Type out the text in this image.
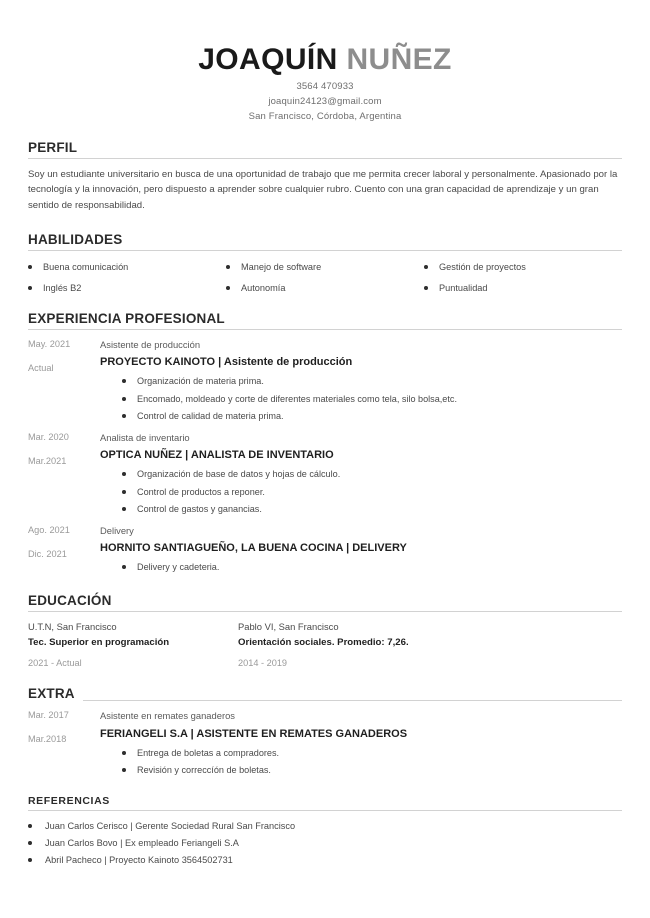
JOAQUÍN NUÑEZ
3564 470933
joaquin24123@gmail.com
San Francisco, Córdoba, Argentina
PERFIL
Soy un estudiante universitario en busca de una oportunidad de trabajo que me permita crecer laboral y personalmente. Apasionado por la tecnología y la innovación, pero dispuesto a aprender sobre cualquier rubro. Cuento con una gran capacidad de aprendizaje y un gran sentido de responsabilidad.
HABILIDADES
Buena comunicación	Manejo de software	Gestión de proyectos
Inglés B2	Autonomía	Puntualidad
EXPERIENCIA PROFESIONAL
May. 2021
Actual
Asistente de producción
PROYECTO KAINOTO | Asistente de producción
Organización de materia prima.
Encomado, moldeado y corte de diferentes materiales como tela, silo bolsa,etc.
Control de calidad de materia prima.
Mar. 2020
Mar.2021
Analista de inventario
OPTICA NUÑEZ | ANALISTA DE INVENTARIO
Organización de base de datos y hojas de cálculo.
Control de productos a reponer.
Control de gastos y ganancias.
Ago. 2021
Dic. 2021
Delivery
HORNITO SANTIAGUEÑO, LA BUENA COCINA | DELIVERY
Delivery y cadeteria.
EDUCACIÓN
U.T.N, San Francisco
Tec. Superior en programación
2021 - Actual
Pablo VI, San Francisco
Orientación sociales. Promedio: 7,26.
2014 - 2019
EXTRA
Mar. 2017
Mar.2018
Asistente en remates ganaderos
FERIANGELI S.A | ASISTENTE EN REMATES GANADEROS
Entrega de boletas a compradores.
Revisión y correccíón de boletas.
REFERENCIAS
Juan Carlos Cerisco | Gerente Sociedad Rural San Francisco
Juan Carlos Bovo | Ex empleado Feriangeli S.A
Abril Pacheco | Proyecto Kainoto 3564502731
